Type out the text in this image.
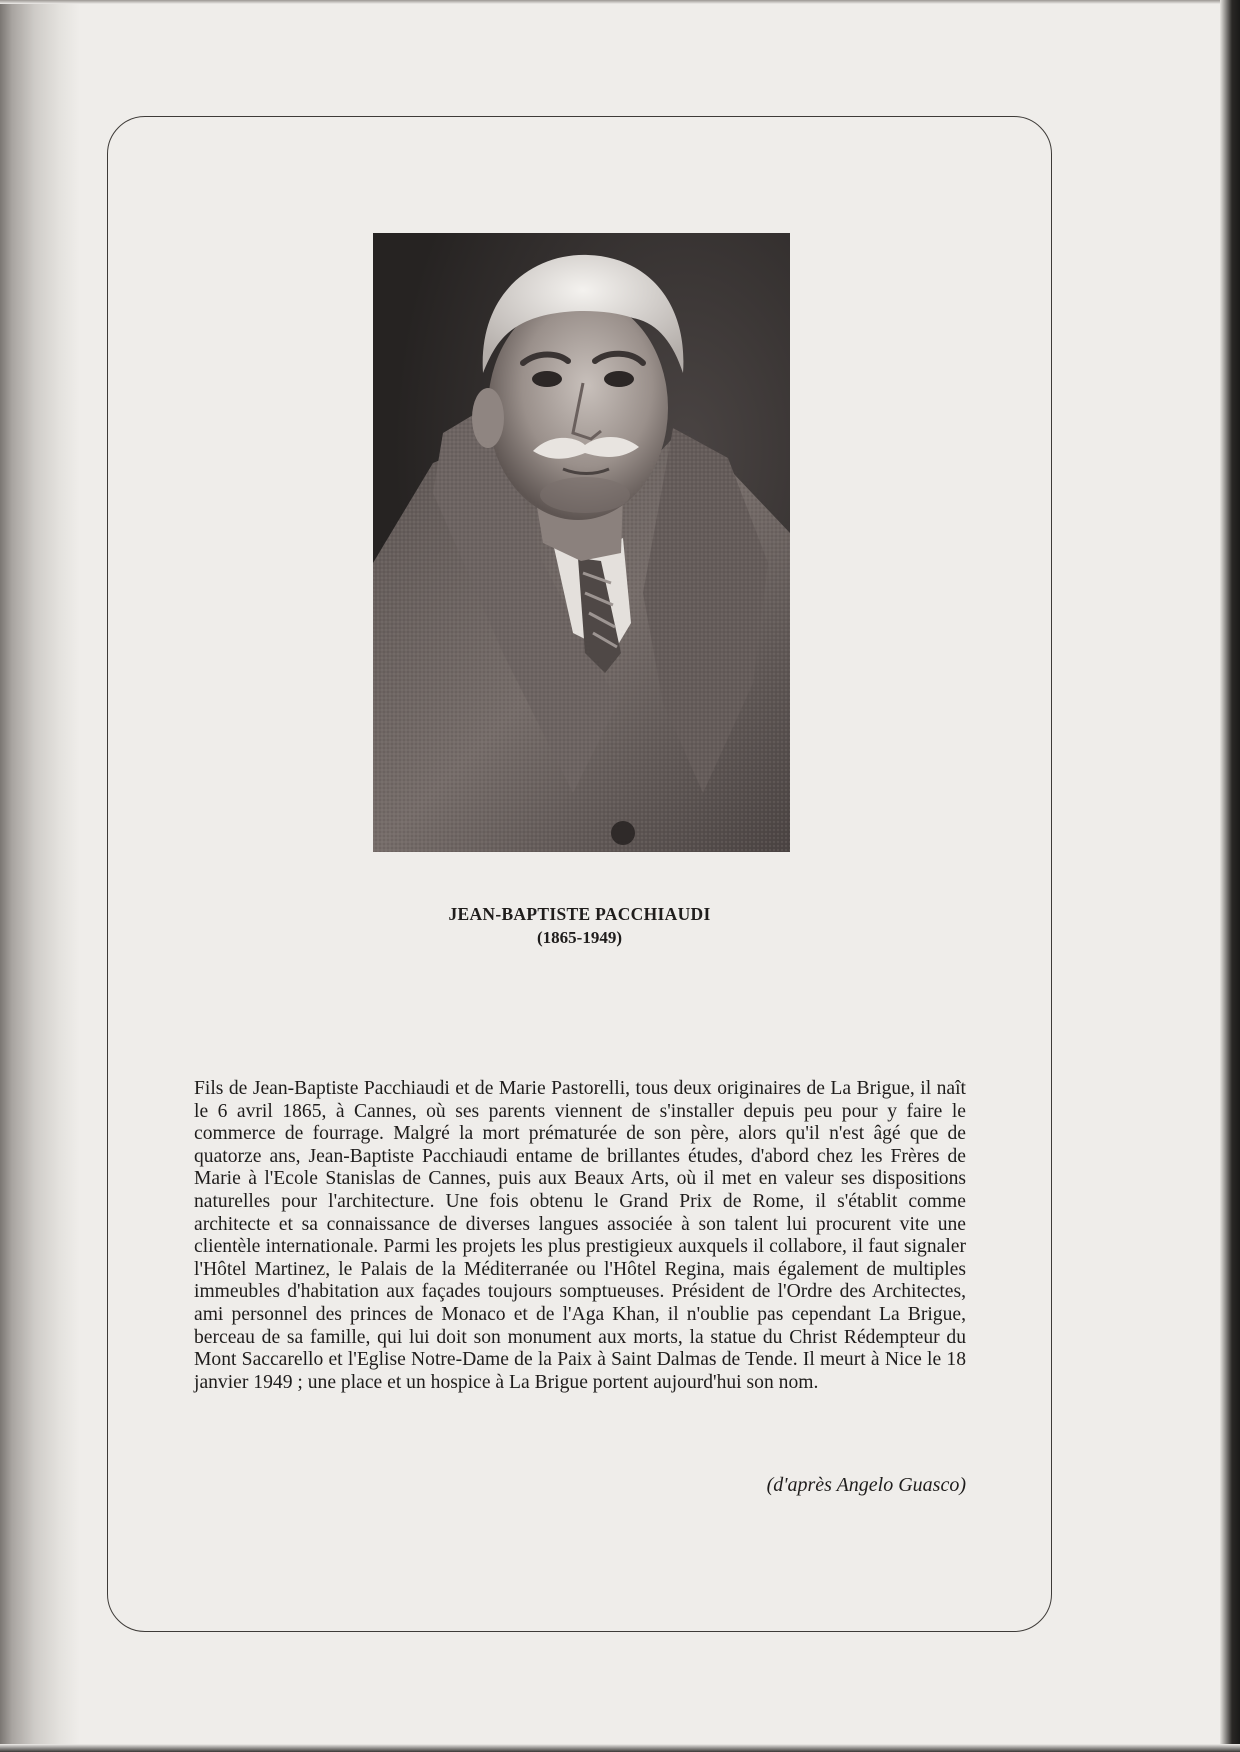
JEAN-BAPTISTE PACCHIAUDI
(1865-1949)

Fils de Jean-Baptiste Pacchiaudi et de Marie Pastorelli, tous deux originaires de La Brigue, il naît le 6 avril 1865, à Cannes, où ses parents viennent de s'installer depuis peu pour y faire le commerce de fourrage. Malgré la mort prématurée de son père, alors qu'il n'est âgé que de quatorze ans, Jean-Baptiste Pacchiaudi entame de brillantes études, d'abord chez les Frères de Marie à l'Ecole Stanislas de Cannes, puis aux Beaux Arts, où il met en valeur ses dispositions naturelles pour l'architecture. Une fois obtenu le Grand Prix de Rome, il s'établit comme architecte et sa connaissance de diverses langues associée à son talent lui procurent vite une clientèle internationale. Parmi les projets les plus prestigieux auxquels il collabore, il faut signaler l'Hôtel Martinez, le Palais de la Méditerranée ou l'Hôtel Regina, mais également de multiples immeubles d'habitation aux façades toujours somptueuses. Président de l'Ordre des Architectes, ami personnel des princes de Monaco et de l'Aga Khan, il n'oublie pas cependant La Brigue, berceau de sa famille, qui lui doit son monument aux morts, la statue du Christ Rédempteur du Mont Saccarello et l'Eglise Notre-Dame de la Paix à Saint Dalmas de Tende. Il meurt à Nice le 18 janvier 1949 ; une place et un hospice à La Brigue portent aujourd'hui son nom.

(d'après Angelo Guasco)
